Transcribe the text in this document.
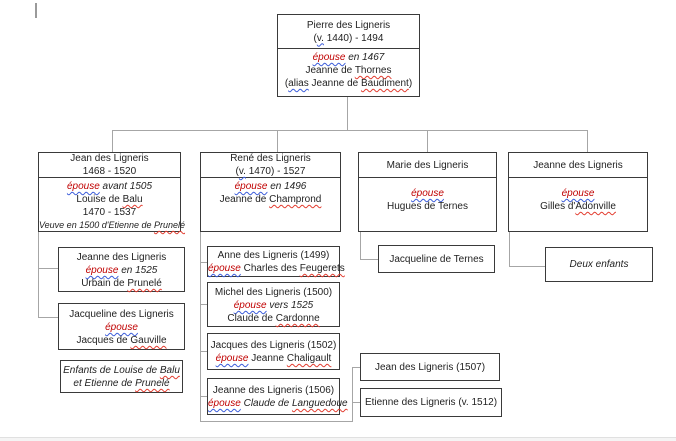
Pierre des Ligneris
(v. 1440) - 1494
épouse en 1467
Jeanne de Thornes
(alias Jeanne de Baudiment)
Jean des Ligneris
1468 - 1520
épouse avant 1505
Louise de Balu
1470 - 1537
Veuve en 1500 d'Etienne de Prunelé
René des Ligneris
(v. 1470) - 1527
épouse en 1496
Jeanne de Champrond
Marie des Ligneris
épouse
Hugues de Ternes
Jeanne des Ligneris
épouse
Gilles d'Adonville
Jeanne des Ligneris
épouse en 1525
Urbain de Prunelé
Jacqueline des Ligneris
épouse
Jacques de Gauville
Enfants de Louise de Balu
et Etienne de Prunelé
Anne des Ligneris (1499)
épouse Charles des Feugerets
Michel des Ligneris (1500)
épouse vers 1525
Claude de Cardonne
Jacques des Ligneris (1502)
épouse Jeanne Chaligault
Jeanne des Ligneris (1506)
épouse Claude de Languedoue
Jean des Ligneris (1507)
Etienne des Ligneris (v. 1512)
Jacqueline de Ternes	Deux enfants
